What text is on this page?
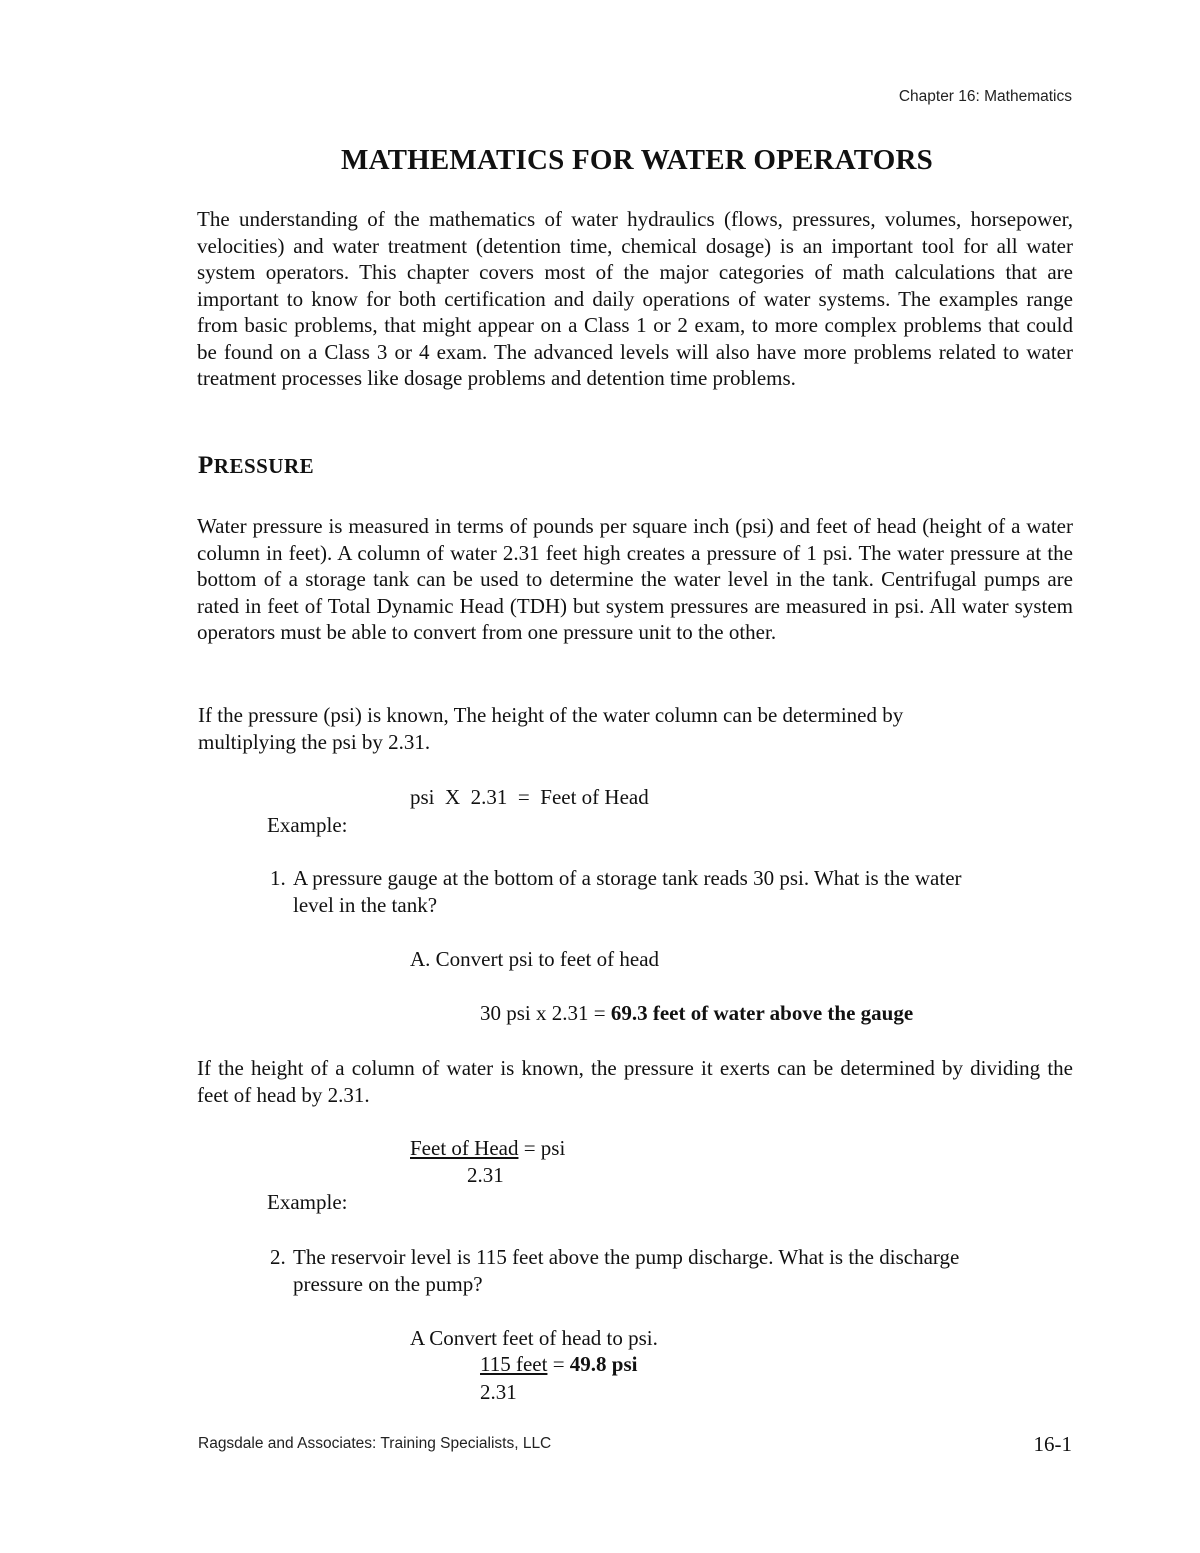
Chapter 16: Mathematics
MATHEMATICS FOR WATER OPERATORS
The understanding of the mathematics of water hydraulics (flows, pressures, volumes, horsepower, velocities) and water treatment (detention time, chemical dosage) is an important tool for all water system operators. This chapter covers most of the major categories of math calculations that are important to know for both certification and daily operations of water systems. The examples range from basic problems, that might appear on a Class 1 or 2 exam, to more complex problems that could be found on a Class 3 or 4 exam. The advanced levels will also have more problems related to water treatment processes like dosage problems and detention time problems.
PRESSURE
Water pressure is measured in terms of pounds per square inch (psi) and feet of head (height of a water column in feet). A column of water 2.31 feet high creates a pressure of 1 psi. The water pressure at the bottom of a storage tank can be used to determine the water level in the tank. Centrifugal pumps are rated in feet of Total Dynamic Head (TDH) but system pressures are measured in psi. All water system operators must be able to convert from one pressure unit to the other.
If the pressure (psi) is known, The height of the water column can be determined by
multiplying the psi by 2.31.
psi  X  2.31  =  Feet of Head
Example:
1. A pressure gauge at the bottom of a storage tank reads 30 psi. What is the water
level in the tank?
A. Convert psi to feet of head
30 psi x 2.31 = 69.3 feet of water above the gauge
If the height of a column of water is known, the pressure it exerts can be determined by dividing the feet of head by 2.31.
Feet of Head = psi
2.31
Example:
2. The reservoir level is 115 feet above the pump discharge. What is the discharge
pressure on the pump?
A Convert feet of head to psi.
115 feet = 49.8 psi
2.31
Ragsdale and Associates: Training Specialists, LLC	16-1
